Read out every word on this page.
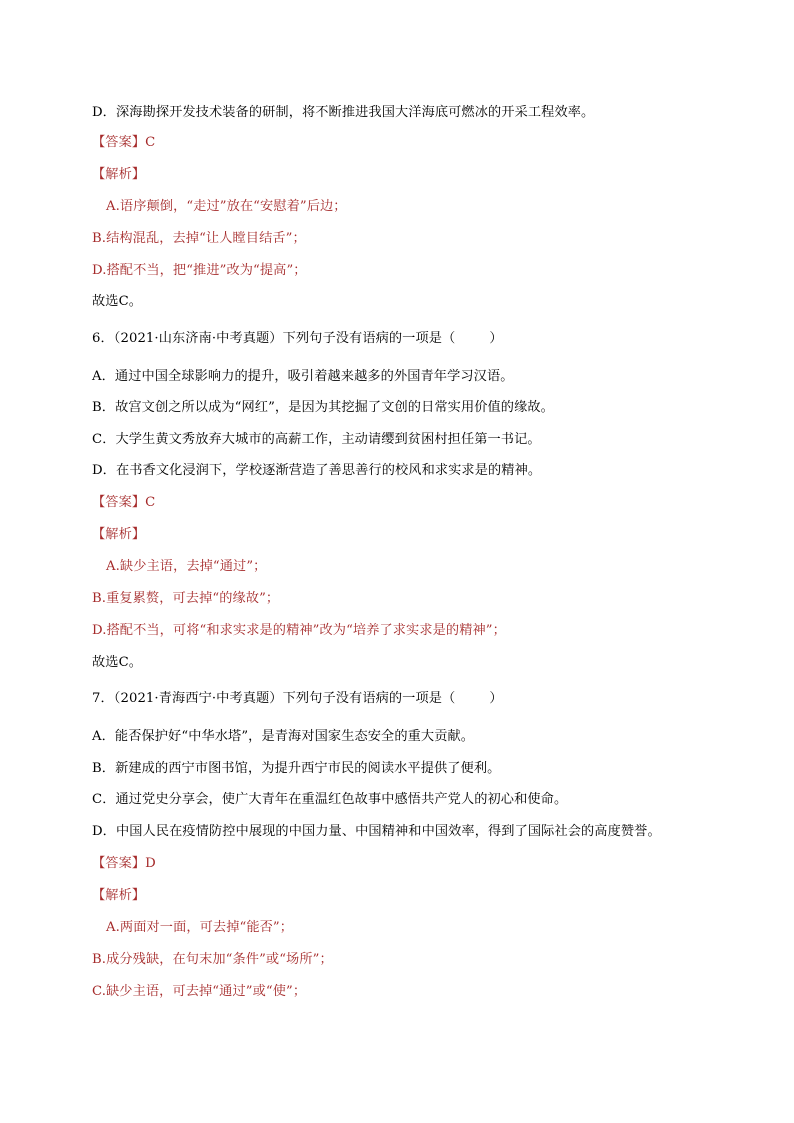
D．深海勘探开发技术装备的研制，将不断推进我国大洋海底可燃冰的开采工程效率。
【答案】C
【解析】
A.语序颠倒，“走过”放在“安慰着”后边；
B.结构混乱，去掉“让人瞠目结舌”；
D.搭配不当，把“推进”改为“提高”；
故选C。
6．（2021·山东济南·中考真题）下列句子没有语病的一项是（	）
A．通过中国全球影响力的提升，吸引着越来越多的外国青年学习汉语。
B．故宫文创之所以成为“网红”，是因为其挖掘了文创的日常实用价值的缘故。
C．大学生黄文秀放弃大城市的高薪工作，主动请缨到贫困村担任第一书记。
D．在书香文化浸润下，学校逐渐营造了善思善行的校风和求实求是的精神。
【答案】C
【解析】
A.缺少主语，去掉“通过”；
B.重复累赘，可去掉“的缘故”；
D.搭配不当，可将“和求实求是的精神”改为“培养了求实求是的精神”；
故选C。
7．（2021·青海西宁·中考真题）下列句子没有语病的一项是（	）
A．能否保护好“中华水塔”，是青海对国家生态安全的重大贡献。
B．新建成的西宁市图书馆，为提升西宁市民的阅读水平提供了便利。
C．通过党史分享会，使广大青年在重温红色故事中感悟共产党人的初心和使命。
D．中国人民在疫情防控中展现的中国力量、中国精神和中国效率，得到了国际社会的高度赞誉。
【答案】D
【解析】
A.两面对一面，可去掉“能否”；
B.成分残缺，在句末加“条件”或“场所”；
C.缺少主语，可去掉“通过”或“使”；
